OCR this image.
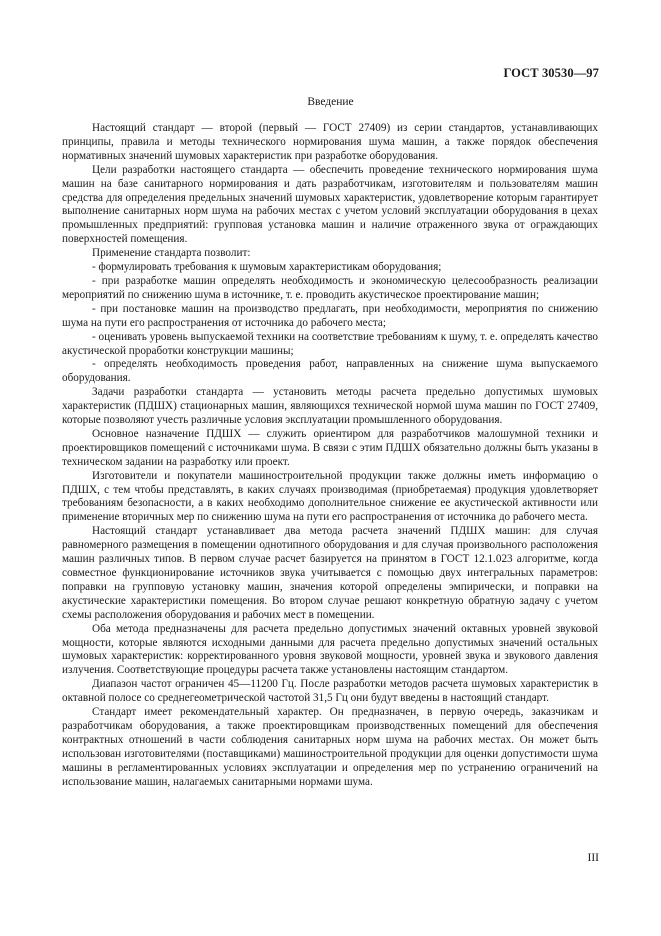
ГОСТ 30530—97
Введение

Настоящий стандарт — второй (первый — ГОСТ 27409) из серии стандартов, устанавливающих принципы, правила и методы технического нормирования шума машин, а также порядок обеспечения нормативных значений шумовых характеристик при разработке оборудования.

Цели разработки настоящего стандарта — обеспечить проведение технического нормирования шума машин на базе санитарного нормирования и дать разработчикам, изготовителям и пользователям машин средства для определения предельных значений шумовых характеристик, удовлетворение которым гарантирует выполнение санитарных норм шума на рабочих местах с учетом условий эксплуатации оборудования в цехах промышленных предприятий: групповая установка машин и наличие отраженного звука от ограждающих поверхностей помещения.

Применение стандарта позволит:

- формулировать требования к шумовым характеристикам оборудования;

- при разработке машин определять необходимость и экономическую целесообразность реализации мероприятий по снижению шума в источнике, т. е. проводить акустическое проектирование машин;

- при постановке машин на производство предлагать, при необходимости, мероприятия по снижению шума на пути его распространения от источника до рабочего места;

- оценивать уровень выпускаемой техники на соответствие требованиям к шуму, т. е. определять качество акустической проработки конструкции машины;

- определять необходимость проведения работ, направленных на снижение шума выпускаемого оборудования.

Задачи разработки стандарта — установить методы расчета предельно допустимых шумовых характеристик (ПДШХ) стационарных машин, являющихся технической нормой шума машин по ГОСТ 27409, которые позволяют учесть различные условия эксплуатации промышленного оборудования.

Основное назначение ПДШХ — служить ориентиром для разработчиков малошумной техники и проектировщиков помещений с источниками шума. В связи с этим ПДШХ обязательно должны быть указаны в техническом задании на разработку или проект.

Изготовители и покупатели машиностроительной продукции также должны иметь информацию о ПДШХ, с тем чтобы представлять, в каких случаях производимая (приобретаемая) продукция удовлетворяет требованиям безопасности, а в каких необходимо дополнительное снижение ее акустической активности или применение вторичных мер по снижению шума на пути его распространения от источника до рабочего места.

Настоящий стандарт устанавливает два метода расчета значений ПДШХ машин: для случая равномерного размещения в помещении однотипного оборудования и для случая произвольного расположения машин различных типов. В первом случае расчет базируется на принятом в ГОСТ 12.1.023 алгоритме, когда совместное функционирование источников звука учитывается с помощью двух интегральных параметров: поправки на групповую установку машин, значения которой определены эмпирически, и поправки на акустические характеристики помещения. Во втором случае решают конкретную обратную задачу с учетом схемы расположения оборудования и рабочих мест в помещении.

Оба метода предназначены для расчета предельно допустимых значений октавных уровней звуковой мощности, которые являются исходными данными для расчета предельно допустимых значений остальных шумовых характеристик: корректированного уровня звуковой мощности, уровней звука и звукового давления излучения. Соответствующие процедуры расчета также установлены настоящим стандартом.

Диапазон частот ограничен 45—11200 Гц. После разработки методов расчета шумовых характеристик в октавной полосе со среднегеометрической частотой 31,5 Гц они будут введены в настоящий стандарт.

Стандарт имеет рекомендательный характер. Он предназначен, в первую очередь, заказчикам и разработчикам оборудования, а также проектировщикам производственных помещений для обеспечения контрактных отношений в части соблюдения санитарных норм шума на рабочих местах. Он может быть использован изготовителями (поставщиками) машиностроительной продукции для оценки допустимости шума машины в регламентированных условиях эксплуатации и определения мер по устранению ограничений на использование машин, налагаемых санитарными нормами шума.

III
